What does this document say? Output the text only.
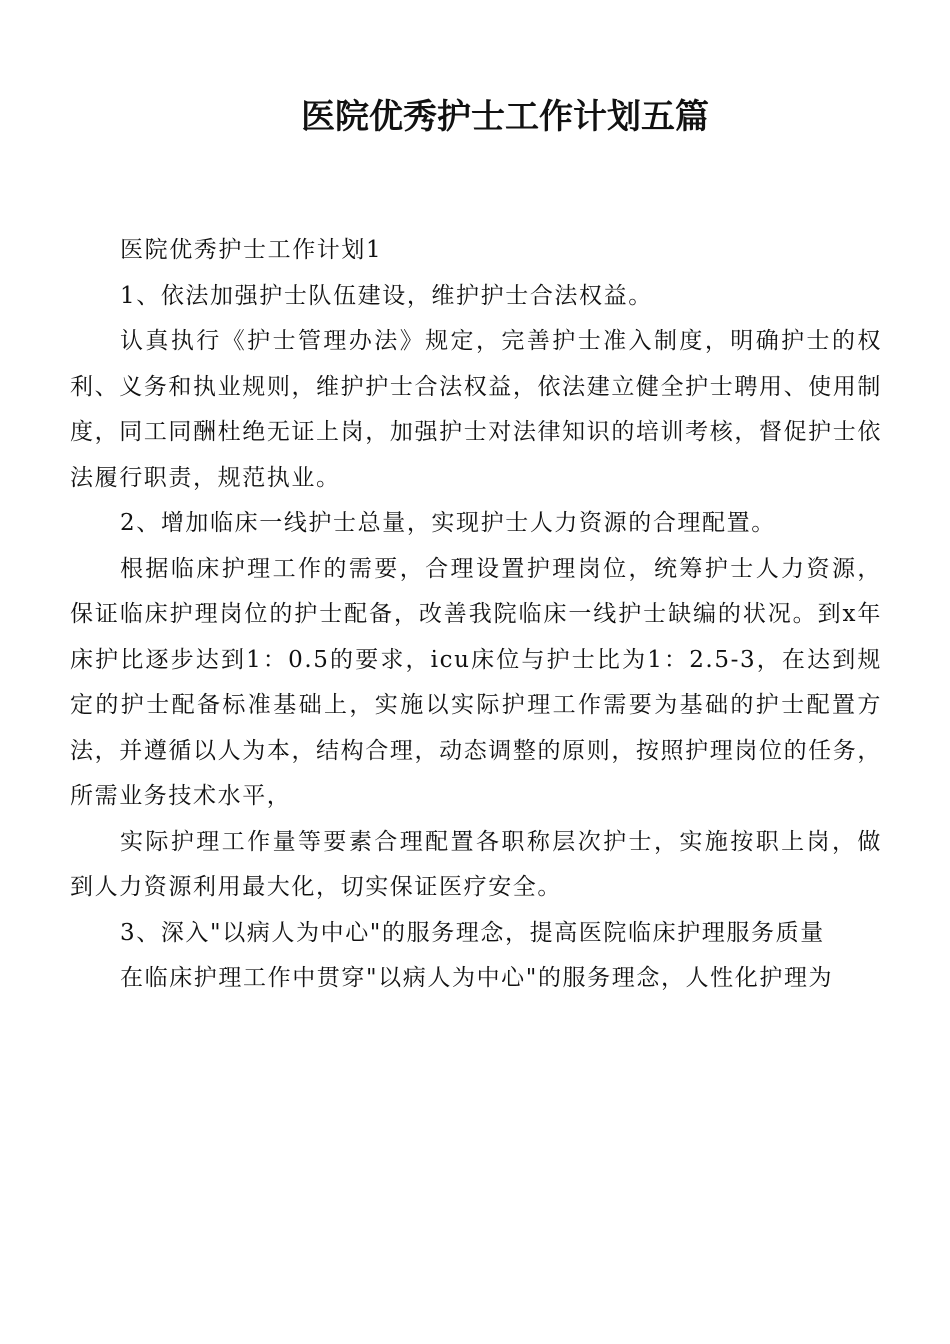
医院优秀护士工作计划五篇

医院优秀护士工作计划1

1、依法加强护士队伍建设，维护护士合法权益。

认真执行《护士管理办法》规定，完善护士准入制度，明确护士的权利、义务和执业规则，维护护士合法权益，依法建立健全护士聘用、使用制度，同工同酬杜绝无证上岗，加强护士对法律知识的培训考核，督促护士依法履行职责，规范执业。

2、增加临床一线护士总量，实现护士人力资源的合理配置。

根据临床护理工作的需要，合理设置护理岗位，统筹护士人力资源，保证临床护理岗位的护士配备，改善我院临床一线护士缺编的状况。到x年床护比逐步达到1：0.5的要求，icu床位与护士比为1：2.5-3，在达到规定的护士配备标准基础上，实施以实际护理工作需要为基础的护士配置方法，并遵循以人为本，结构合理，动态调整的原则，按照护理岗位的任务，所需业务技术水平，

实际护理工作量等要素合理配置各职称层次护士，实施按职上岗，做到人力资源利用最大化，切实保证医疗安全。

3、深入"以病人为中心"的服务理念，提高医院临床护理服务质量

在临床护理工作中贯穿"以病人为中心"的服务理念，人性化护理为
